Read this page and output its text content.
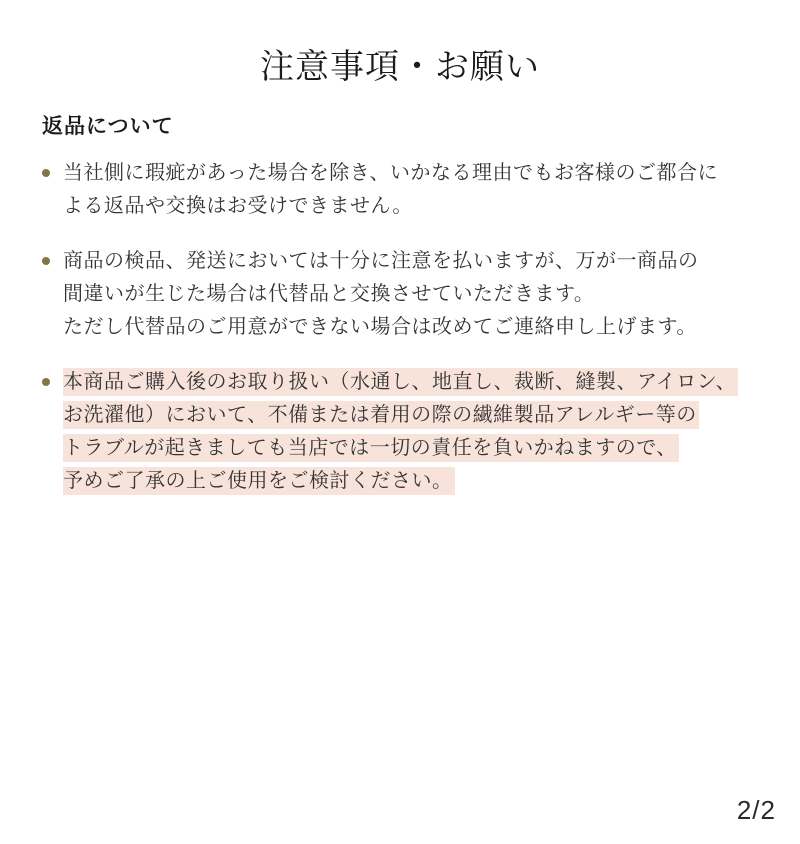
注意事項・お願い
返品について
当社側に瑕疵があった場合を除き、いかなる理由でもお客様のご都合に
よる返品や交換はお受けできません。
商品の検品、発送においては十分に注意を払いますが、万が一商品の
間違いが生じた場合は代替品と交換させていただきます。
ただし代替品のご用意ができない場合は改めてご連絡申し上げます。
本商品ご購入後のお取り扱い（水通し、地直し、裁断、縫製、アイロン、
お洗濯他）において、不備または着用の際の繊維製品アレルギー等の
トラブルが起きましても当店では一切の責任を負いかねますので、
予めご了承の上ご使用をご検討ください。
2/2
